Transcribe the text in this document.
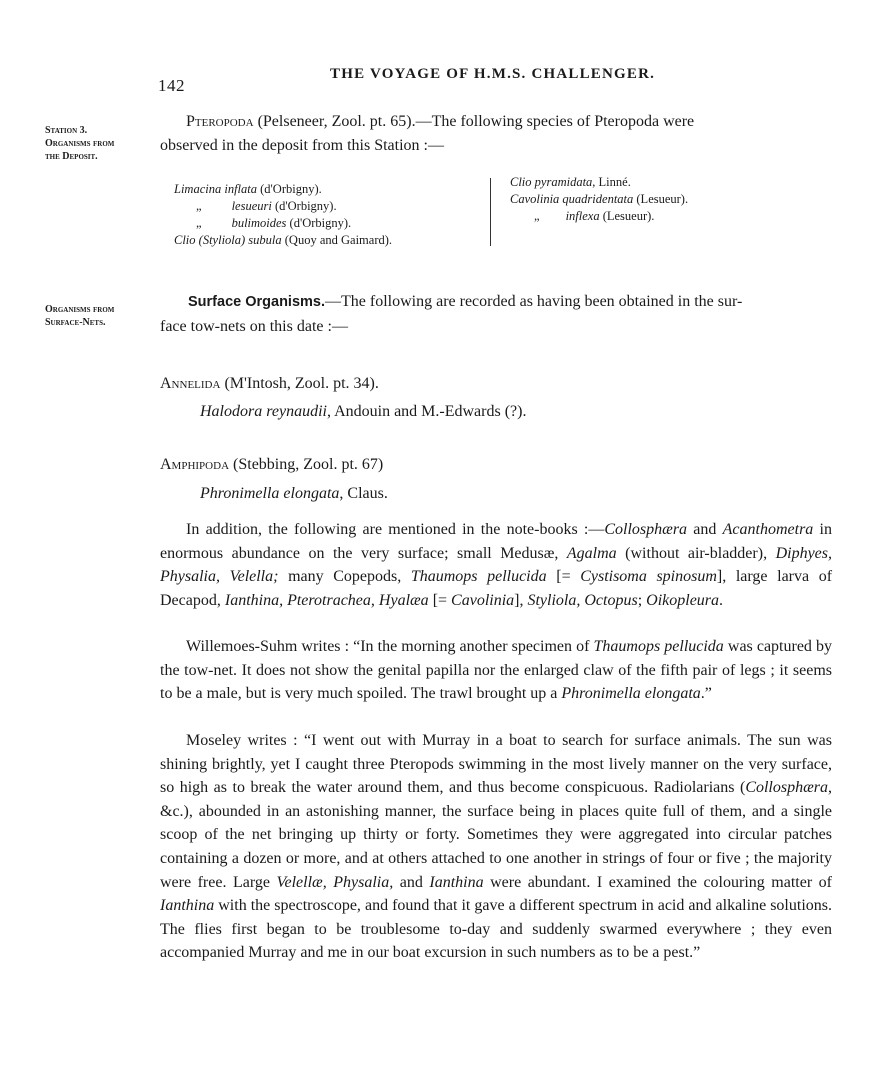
142
THE VOYAGE OF H.M.S. CHALLENGER.
Station 3.
Organisms from
the Deposit.
Organisms from
Surface-Nets.

Pteropoda (Pelseneer, Zool. pt. 65).—The following species of Pteropoda were

observed in the deposit from this Station :—

Limacina inflata (d'Orbigny).
„ lesueuri (d'Orbigny).
„ bulimoides (d'Orbigny).
Clio (Styliola) subula (Quoy and Gaimard).
Clio pyramidata, Linné.
Cavolinia quadridentata (Lesueur).
„ inflexa (Lesueur).

Surface Organisms.—The following are recorded as having been obtained in the sur-

face tow-nets on this date :—

Annelida (M'Intosh, Zool. pt. 34).
Halodora reynaudii, Andouin and M.-Edwards (?).
Amphipoda (Stebbing, Zool. pt. 67)
Phronimella elongata, Claus.
In addition, the following are mentioned in the note-books :—Collosphæra and Acanthometra in enormous abundance on the very surface; small Medusæ, Agalma (without air-bladder), Diphyes, Physalia, Velella; many Copepods, Thaumops pellucida [= Cystisoma spinosum], large larva of Decapod, Ianthina, Pterotrachea, Hyalæa [= Cavolinia], Styliola, Octopus; Oikopleura.
Willemoes-Suhm writes : “In the morning another specimen of Thaumops pellucida was captured by the tow-net. It does not show the genital papilla nor the enlarged claw of the fifth pair of legs ; it seems to be a male, but is very much spoiled. The trawl brought up a Phronimella elongata.”
Moseley writes : “I went out with Murray in a boat to search for surface animals. The sun was shining brightly, yet I caught three Pteropods swimming in the most lively manner on the very surface, so high as to break the water around them, and thus become conspicuous. Radiolarians (Collosphæra, &c.), abounded in an astonishing manner, the surface being in places quite full of them, and a single scoop of the net bringing up thirty or forty. Sometimes they were aggregated into circular patches containing a dozen or more, and at others attached to one another in strings of four or five ; the majority were free. Large Velellæ, Physalia, and Ianthina were abundant. I examined the colouring matter of Ianthina with the spectroscope, and found that it gave a different spectrum in acid and alkaline solutions. The flies first began to be troublesome to-day and suddenly swarmed everywhere ; they even accompanied Murray and me in our boat excursion in such numbers as to be a pest.”
